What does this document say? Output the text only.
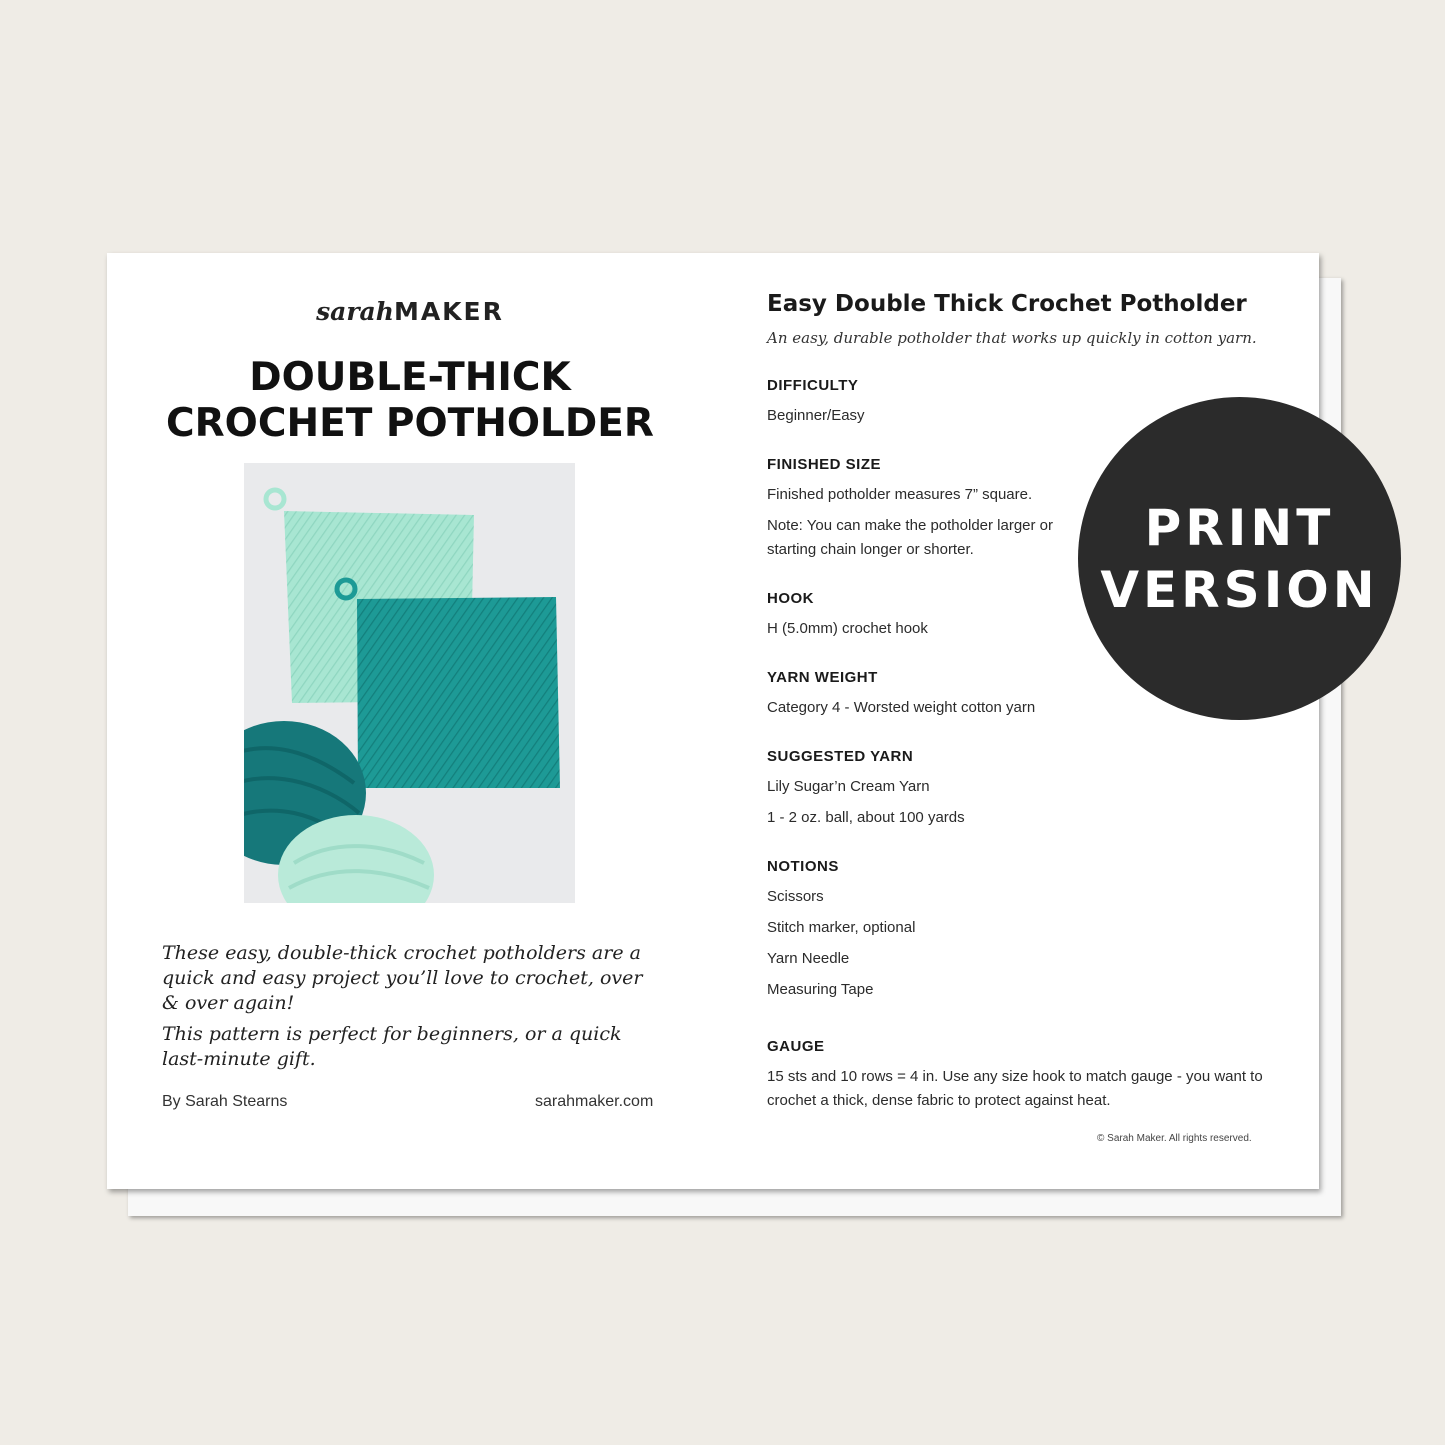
sarahMAKER
DOUBLE-THICK
CROCHET POTHOLDER

These easy, double-thick crochet potholders are a quick and easy project you’ll love to crochet, over & over again!

This pattern is perfect for beginners, or a quick last-minute gift.

By Sarah Stearns	sarahmaker.com
Easy Double Thick Crochet Potholder
An easy, durable potholder that works up quickly in cotton yarn.
DIFFICULTY
Beginner/Easy
FINISHED SIZE
Finished potholder measures 7” square.
Note: You can make the potholder larger or starting chain longer or shorter.
HOOK
H (5.0mm) crochet hook
YARN WEIGHT
Category 4 - Worsted weight cotton yarn
SUGGESTED YARN
Lily Sugar’n Cream Yarn
1 - 2 oz. ball, about 100 yards
NOTIONS
Scissors
Stitch marker, optional
Yarn Needle
Measuring Tape
GAUGE
15 sts and 10 rows = 4 in. Use any size hook to match gauge - you want to crochet a thick, dense fabric to protect against heat.
© Sarah Maker. All rights reserved.
PRINT
VERSION
